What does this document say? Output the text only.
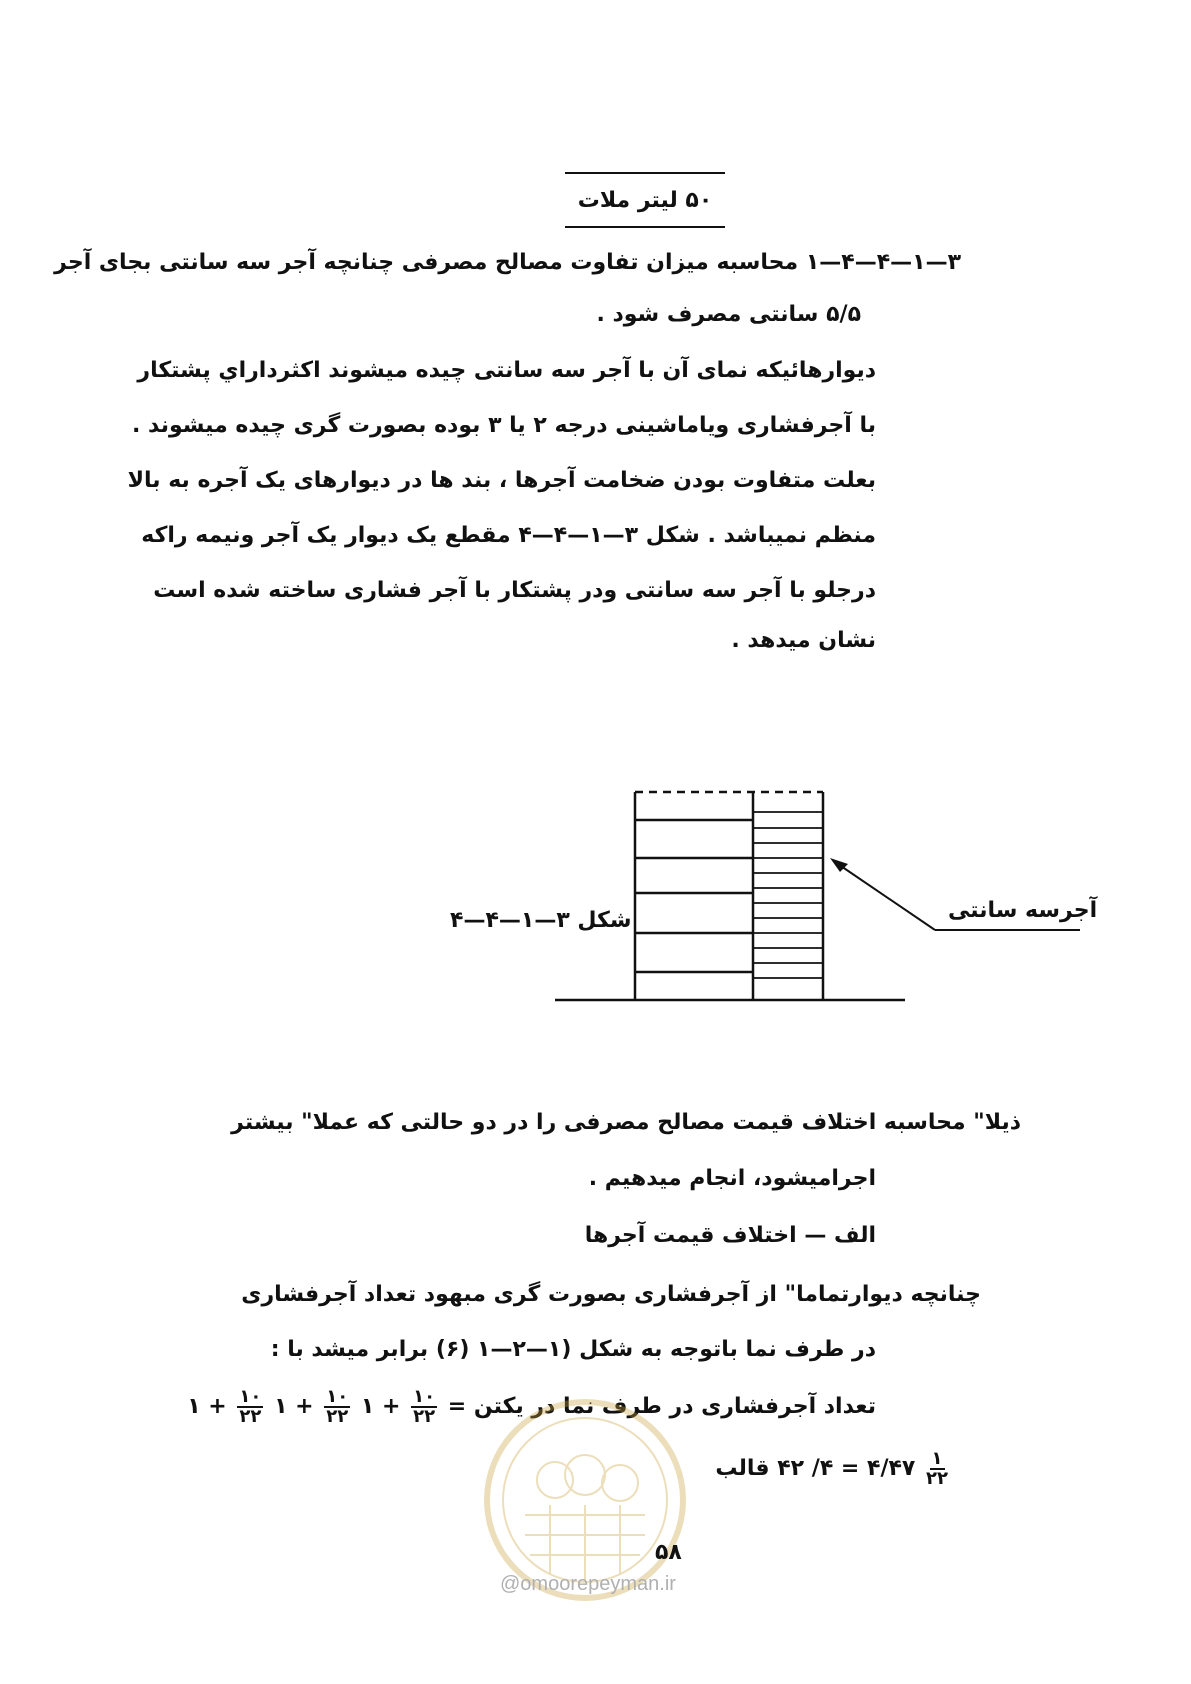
۵۰ لیتر ملات
۳—۱—۴—۴—۱ محاسبه میزان تفاوت مصالح مصرفی چنانچه آجر سه سانتی بجای آجر
۵/۵ سانتی مصرف شود .
دیوارهائیکه نمای آن با آجر سه سانتی چیده میشوند اکثرداراي پشتکار
با آجرفشاری ویاماشینی درجه ۲ یا ۳ بوده بصورت گری چیده میشوند .
بعلت متفاوت بودن ضخامت آجرها ، بند ها در دیوارهای یک آجره به بالا
منظم نمیباشد . شکل ۳—۱—۴—۴ مقطع یک دیوار یک آجر ونیمه راکه
درجلو با آجر سه سانتی ودر پشتکار با آجر فشاری ساخته شده است
نشان میدهد .
شکل ۳—۱—۴—۴	آجرسه سانتی
ذیلا" محاسبه اختلاف قیمت مصالح مصرفی را در دو حالتی که عملا" بیشتر
اجرامیشود، انجام میدهیم .
الف — اختلاف قیمت آجرها
چنانچه دیوارتماما" از آجرفشاری بصورت گری مبهود تعداد آجرفشاری
در طرف نما باتوجه به شکل (۱—۲—۱ (۶) برابر میشد با :
تعداد آجرفشاری در طرف نما در یکتن =
$\frac{۱۰}{۲۲}$
+ ۱
$\frac{۱۰}{۲۲}$
+ ۱
$\frac{۱۰}{۲۲}$
+ ۱
$\frac{۱}{۲۲}$
۴/۴۷ = ۴/ ۴۲ قالب
۵۸
@omoorepeyman.ir
